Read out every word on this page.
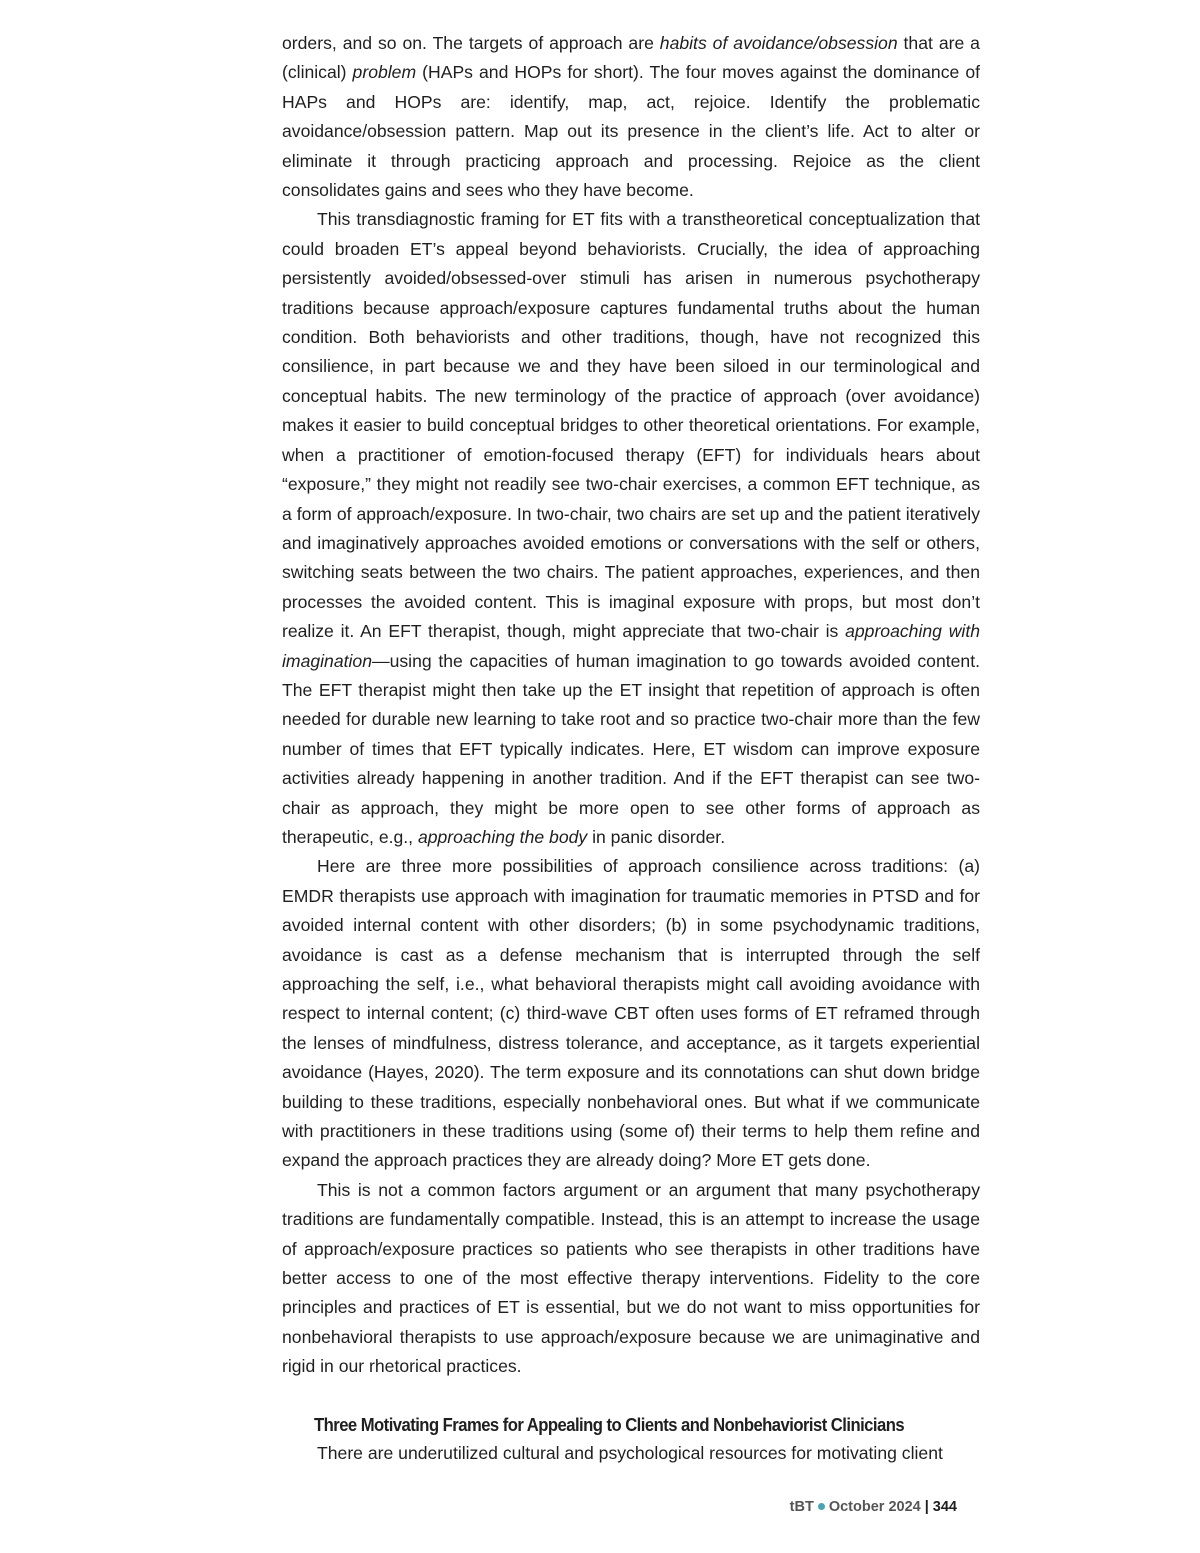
orders, and so on. The targets of approach are habits of avoidance/obsession that are a (clinical) problem (HAPs and HOPs for short). The four moves against the dominance of HAPs and HOPs are: identify, map, act, rejoice. Identify the problematic avoidance/obsession pattern. Map out its presence in the client’s life. Act to alter or eliminate it through practicing approach and processing. Rejoice as the client consolidates gains and sees who they have become.

This transdiagnostic framing for ET fits with a transtheoretical conceptualization that could broaden ET’s appeal beyond behaviorists. Crucially, the idea of approaching persistently avoided/obsessed-over stimuli has arisen in numerous psychotherapy traditions because approach/exposure captures fundamental truths about the human condition. Both behaviorists and other traditions, though, have not recognized this consilience, in part because we and they have been siloed in our terminological and conceptual habits. The new terminology of the practice of approach (over avoidance) makes it easier to build conceptual bridges to other theoretical orientations. For example, when a practitioner of emotion-focused therapy (EFT) for individuals hears about “exposure,” they might not readily see two-chair exercises, a common EFT technique, as a form of approach/exposure. In two-chair, two chairs are set up and the patient iteratively and imaginatively approaches avoided emotions or conversations with the self or others, switching seats between the two chairs. The patient approaches, experiences, and then processes the avoided content. This is imaginal exposure with props, but most don’t realize it. An EFT therapist, though, might appreciate that two-chair is approaching with imagination—using the capacities of human imagination to go towards avoided content. The EFT therapist might then take up the ET insight that repetition of approach is often needed for durable new learning to take root and so practice two-chair more than the few number of times that EFT typically indicates. Here, ET wisdom can improve exposure activities already happening in another tradition. And if the EFT therapist can see two-chair as approach, they might be more open to see other forms of approach as therapeutic, e.g., approaching the body in panic disorder.

Here are three more possibilities of approach consilience across traditions: (a) EMDR therapists use approach with imagination for traumatic memories in PTSD and for avoided internal content with other disorders; (b) in some psychodynamic traditions, avoidance is cast as a defense mechanism that is interrupted through the self approaching the self, i.e., what behavioral therapists might call avoiding avoidance with respect to internal content; (c) third-wave CBT often uses forms of ET reframed through the lenses of mindfulness, distress tolerance, and acceptance, as it targets experiential avoidance (Hayes, 2020). The term exposure and its connotations can shut down bridge building to these traditions, especially nonbehavioral ones. But what if we communicate with practitioners in these traditions using (some of) their terms to help them refine and expand the approach practices they are already doing? More ET gets done.

This is not a common factors argument or an argument that many psychotherapy traditions are fundamentally compatible. Instead, this is an attempt to increase the usage of approach/exposure practices so patients who see therapists in other traditions have better access to one of the most effective therapy interventions. Fidelity to the core principles and practices of ET is essential, but we do not want to miss opportunities for nonbehavioral therapists to use approach/exposure because we are unimaginative and rigid in our rhetorical practices.

Three Motivating Frames for Appealing to Clients and Nonbehaviorist Clinicians

There are underutilized cultural and psychological resources for motivating client

tBT October 2024 | 344
